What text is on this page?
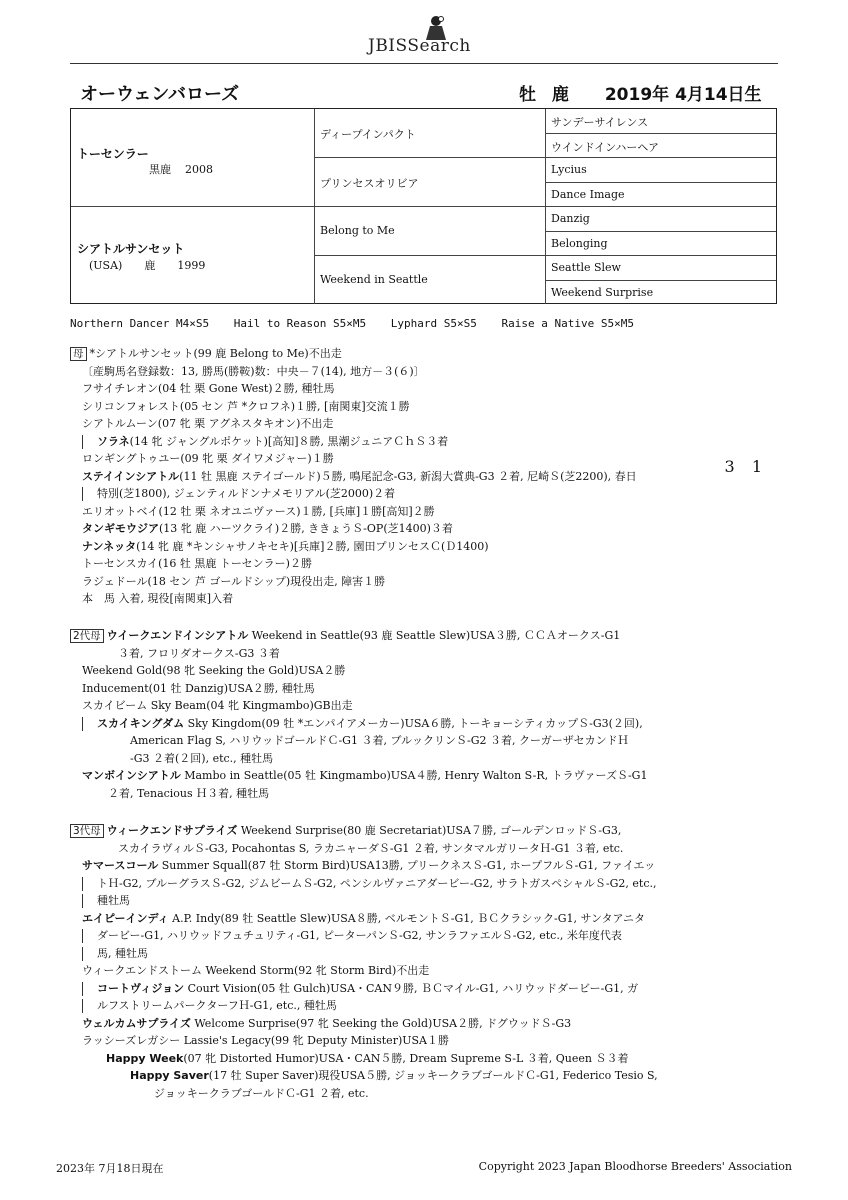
JBISSearch
オーウェンバローズ	牡 鹿 2019年 4月14日生
トーセンラー
黒鹿 2008
シアトルサンセット
(USA) 鹿 1999
ディープインパクト
プリンセスオリビア
Belong to Me
Weekend in Seattle
サンデーサイレンス
ウインドインハーヘア
Lycius
Dance Image
Danzig
Belonging
Seattle Slew
Weekend Surprise
3 1
Northern Dancer M4×S5 Hail to Reason S5×M5 Lyphard S5×S5 Raise a Native S5×M5
母 *シアトルサンセット(99 鹿 Belong to Me)不出走
〔産駒馬名登録数：13, 勝馬(勝鞍)数：中央－７(14), 地方－３(６)〕
フサイチレオン(04 牡 栗 Gone West)２勝, 種牡馬
シリコンフォレスト(05 セン 芦 *クロフネ)１勝, [南関東]交流１勝
シアトルムーン(07 牝 栗 アグネスタキオン)不出走
ソラネ(14 牝 ジャングルポケット)[高知]８勝, 黒潮ジュニアＣｈＳ３着
ロンギングトゥユー(09 牝 栗 ダイワメジャー)１勝
ステイインシアトル(11 牡 黒鹿 ステイゴールド)５勝, 鳴尾記念-G3, 新潟大賞典-G3 ２着, 尼崎Ｓ(芝2200), 春日
特別(芝1800), ジェンティルドンナメモリアル(芝2000)２着
エリオットベイ(12 牡 栗 ネオユニヴァース)１勝, [兵庫]１勝[高知]２勝
タンギモウジア(13 牝 鹿 ハーツクライ)２勝, ききょうＳ-OP(芝1400)３着
ナンネッタ(14 牝 鹿 *キンシャサノキセキ)[兵庫]２勝, 園田プリンセスＣ(Ｄ1400)
トーセンスカイ(16 牡 黒鹿 トーセンラー)２勝
ラジェドール(18 セン 芦 ゴールドシップ)現役出走, 障害１勝
本　馬 入着, 現役[南関東]入着
2代母 ウイークエンドインシアトル Weekend in Seattle(93 鹿 Seattle Slew)USA３勝, ＣＣＡオークス-G1
３着, フロリダオークス-G3 ３着
Weekend Gold(98 牝 Seeking the Gold)USA２勝
Inducement(01 牡 Danzig)USA２勝, 種牡馬
スカイビーム Sky Beam(04 牝 Kingmambo)GB出走
スカイキングダム Sky Kingdom(09 牡 *エンパイアメーカー)USA６勝, トーキョーシティカップＳ-G3(２回),
American Flag S, ハリウッドゴールドＣ-G1 ３着, ブルックリンＳ-G2 ３着, クーガーザセカンドＨ
-G3 ２着(２回), etc., 種牡馬
マンボインシアトル Mambo in Seattle(05 牡 Kingmambo)USA４勝, Henry Walton S-R, トラヴァーズＳ-G1
２着, Tenacious Ｈ３着, 種牡馬
3代母 ウィークエンドサプライズ Weekend Surprise(80 鹿 Secretariat)USA７勝, ゴールデンロッドＳ-G3,
スカイラヴィルＳ-G3, Pocahontas S, ラカニャーダＳ-G1 ２着, サンタマルガリータＨ-G1 ３着, etc.
サマースコール Summer Squall(87 牡 Storm Bird)USA13勝, プリークネスＳ-G1, ホープフルＳ-G1, ファイエッ
トＨ-G2, ブルーグラスＳ-G2, ジムビームＳ-G2, ペンシルヴァニアダービー-G2, サラトガスペシャルＳ-G2, etc.,
種牡馬
エイピーインディ A.P. Indy(89 牡 Seattle Slew)USA８勝, ベルモントＳ-G1, ＢＣクラシック-G1, サンタアニタ
ダービー-G1, ハリウッドフュチュリティ-G1, ピーターパンＳ-G2, サンラファエルＳ-G2, etc., 米年度代表
馬, 種牡馬
ウィークエンドストーム Weekend Storm(92 牝 Storm Bird)不出走
コートヴィジョン Court Vision(05 牡 Gulch)USA・CAN９勝, ＢＣマイル-G1, ハリウッドダービー-G1, ガ
ルフストリームパークターフＨ-G1, etc., 種牡馬
ウェルカムサプライズ Welcome Surprise(97 牝 Seeking the Gold)USA２勝, ドグウッドＳ-G3
ラッシーズレガシー Lassie's Legacy(99 牝 Deputy Minister)USA１勝
Happy Week(07 牝 Distorted Humor)USA・CAN５勝, Dream Supreme S-L ３着, Queen Ｓ３着
Happy Saver(17 牡 Super Saver)現役USA５勝, ジョッキークラブゴールドＣ-G1, Federico Tesio S,
ジョッキークラブゴールドＣ-G1 ２着, etc.
2023年 7月18日現在	Copyright 2023 Japan Bloodhorse Breeders' Association
